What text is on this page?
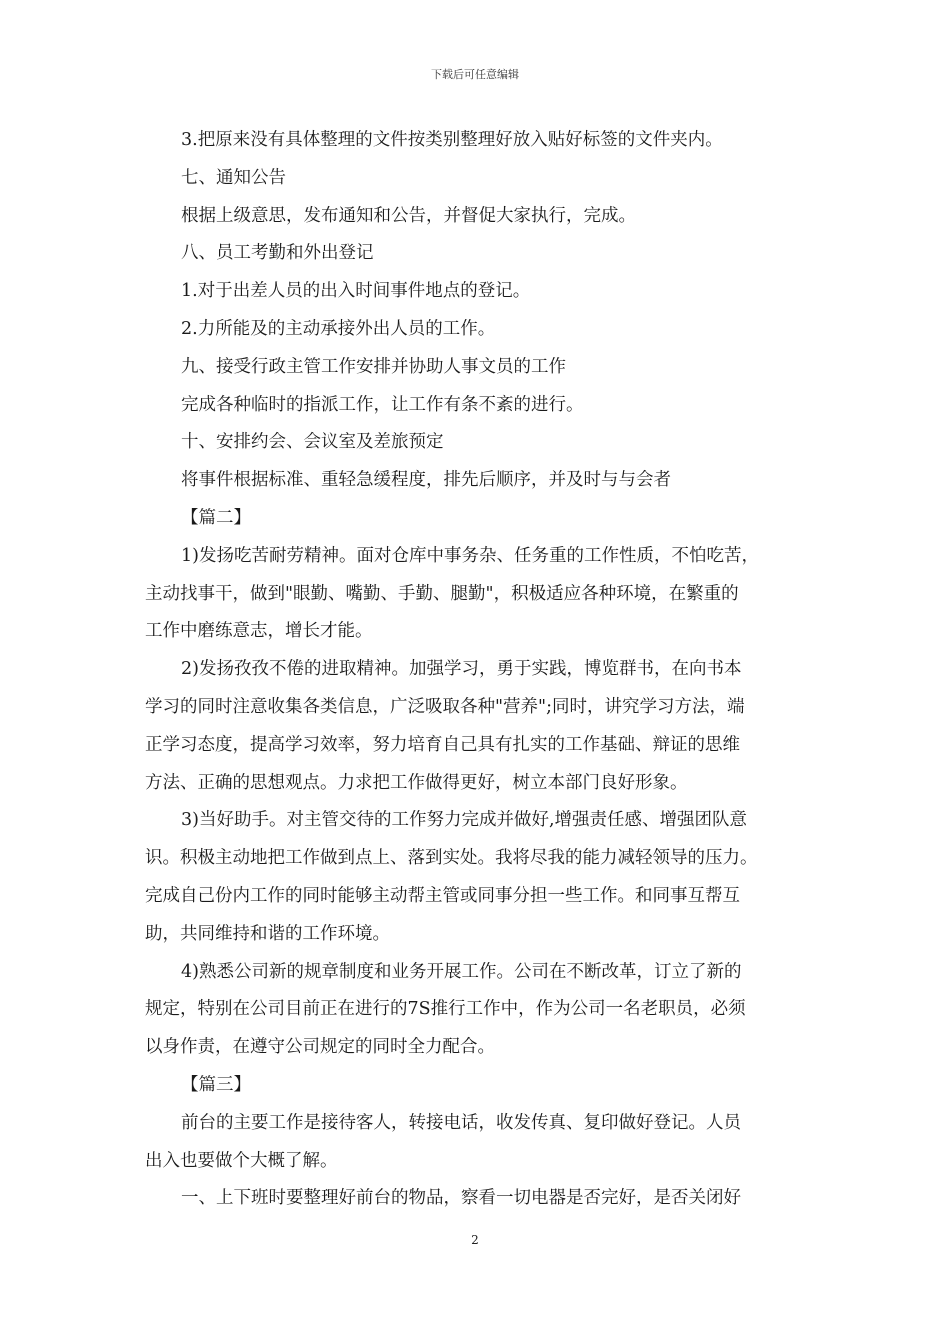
下载后可任意编辑
3.把原来没有具体整理的文件按类别整理好放入贴好标签的文件夹内。
七、通知公告
根据上级意思，发布通知和公告，并督促大家执行，完成。
八、员工考勤和外出登记
1.对于出差人员的出入时间事件地点的登记。
2.力所能及的主动承接外出人员的工作。
九、接受行政主管工作安排并协助人事文员的工作
完成各种临时的指派工作，让工作有条不紊的进行。
十、安排约会、会议室及差旅预定
将事件根据标准、重轻急缓程度，排先后顺序，并及时与与会者
【篇二】
1)发扬吃苦耐劳精神。面对仓库中事务杂、任务重的工作性质，不怕吃苦，
主动找事干，做到"眼勤、嘴勤、手勤、腿勤"，积极适应各种环境，在繁重的
工作中磨练意志，增长才能。
2)发扬孜孜不倦的进取精神。加强学习，勇于实践，博览群书，在向书本
学习的同时注意收集各类信息，广泛吸取各种"营养";同时，讲究学习方法，端
正学习态度，提高学习效率，努力培育自己具有扎实的工作基础、辩证的思维
方法、正确的思想观点。力求把工作做得更好，树立本部门良好形象。
3)当好助手。对主管交待的工作努力完成并做好,增强责任感、增强团队意
识。积极主动地把工作做到点上、落到实处。我将尽我的能力减轻领导的压力。
完成自己份内工作的同时能够主动帮主管或同事分担一些工作。和同事互帮互
助，共同维持和谐的工作环境。
4)熟悉公司新的规章制度和业务开展工作。公司在不断改革，订立了新的
规定，特别在公司目前正在进行的7S推行工作中，作为公司一名老职员，必须
以身作责，在遵守公司规定的同时全力配合。
【篇三】
前台的主要工作是接待客人，转接电话，收发传真、复印做好登记。人员
出入也要做个大概了解。
一、上下班时要整理好前台的物品，察看一切电器是否完好，是否关闭好
2
